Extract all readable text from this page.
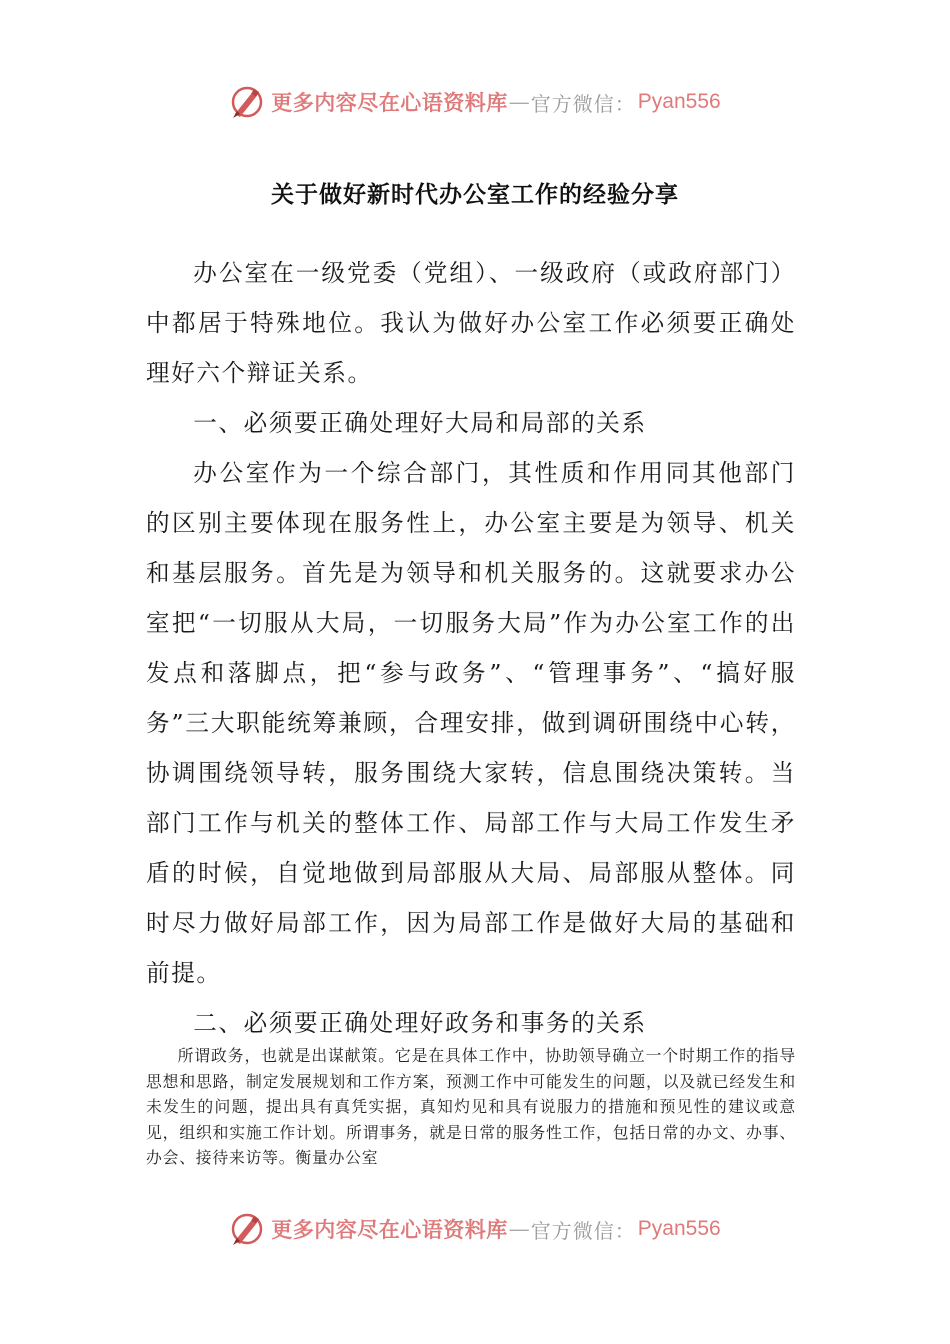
更多内容尽在心语资料库 — 官方微信： Pyan556
关于做好新时代办公室工作的经验分享

办公室在一级党委（党组）、一级政府（或政府部门）中都居于特殊地位。我认为做好办公室工作必须要正确处理好六个辩证关系。

一、必须要正确处理好大局和局部的关系

办公室作为一个综合部门，其性质和作用同其他部门的区别主要体现在服务性上，办公室主要是为领导、机关和基层服务。首先是为领导和机关服务的。这就要求办公室把“一切服从大局，一切服务大局”作为办公室工作的出发点和落脚点，把“参与政务”、“管理事务”、“搞好服务”三大职能统筹兼顾，合理安排，做到调研围绕中心转，协调围绕领导转，服务围绕大家转，信息围绕决策转。当部门工作与机关的整体工作、局部工作与大局工作发生矛盾的时候，自觉地做到局部服从大局、局部服从整体。同时尽力做好局部工作，因为局部工作是做好大局的基础和前提。

二、必须要正确处理好政务和事务的关系

所谓政务，也就是出谋献策。它是在具体工作中，协助领导确立一个时期工作的指导思想和思路，制定发展规划和工作方案，预测工作中可能发生的问题，以及就已经发生和未发生的问题，提出具有真凭实据，真知灼见和具有说服力的措施和预见性的建议或意见，组织和实施工作计划。所谓事务，就是日常的服务性工作，包括日常的办文、办事、办会、接待来访等。衡量办公室

更多内容尽在心语资料库 — 官方微信： Pyan556
